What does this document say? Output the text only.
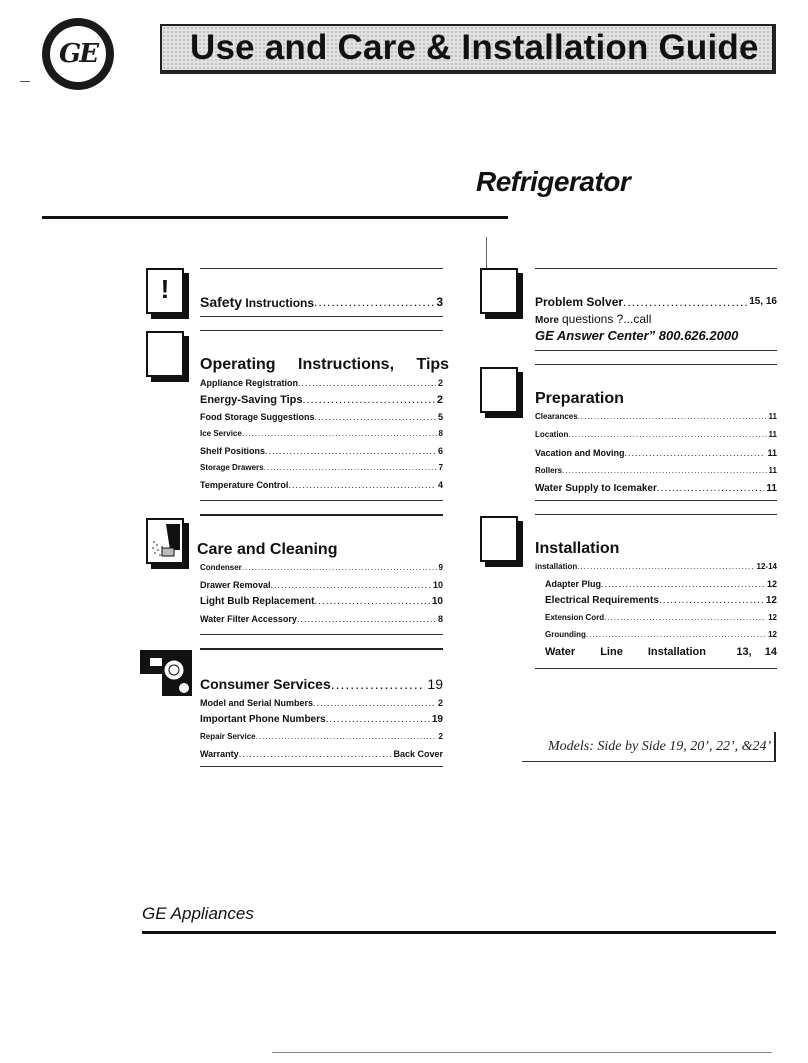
GE	Use and Care & Installation Guide
Refrigerator
!	Safety Instructions .....	3
Operating Instructions, Tips
Appliance Registration .....	2
Energy-Saving Tips .....	2
Food Storage Suggestions .....	5
Ice Service .....	8
Shelf Positions .....	6
Storage Drawers .....	7
Temperature Control .....	4
Care and Cleaning
Condenser .....	9
Drawer Removal .....	10
Light Bulb Replacement .....	10
Water Filter Accessory .....	8
Consumer Services .....	19
Model and Serial Numbers .....	2
Important Phone Numbers .....	19
Repair Service .....	2
Warranty .....	Back Cover
Problem Solver .....	15, 16
More questions ?...call
GE Answer Center” 800.626.2000
Preparation
Clearances .....	11
Location .....	11
Vacation and Moving .....	11
Rollers .....	11
Water Supply to Icemaker .....	11
Installation
installation .....	12-14
Adapter Plug .....	12
Electrical Requirements .....	12
Extension Cord .....	12
Grounding .....	12
Water Line Installation	13, 14
Models: Side by Side 19, 20’, 22’, &24’
GE Appliances
